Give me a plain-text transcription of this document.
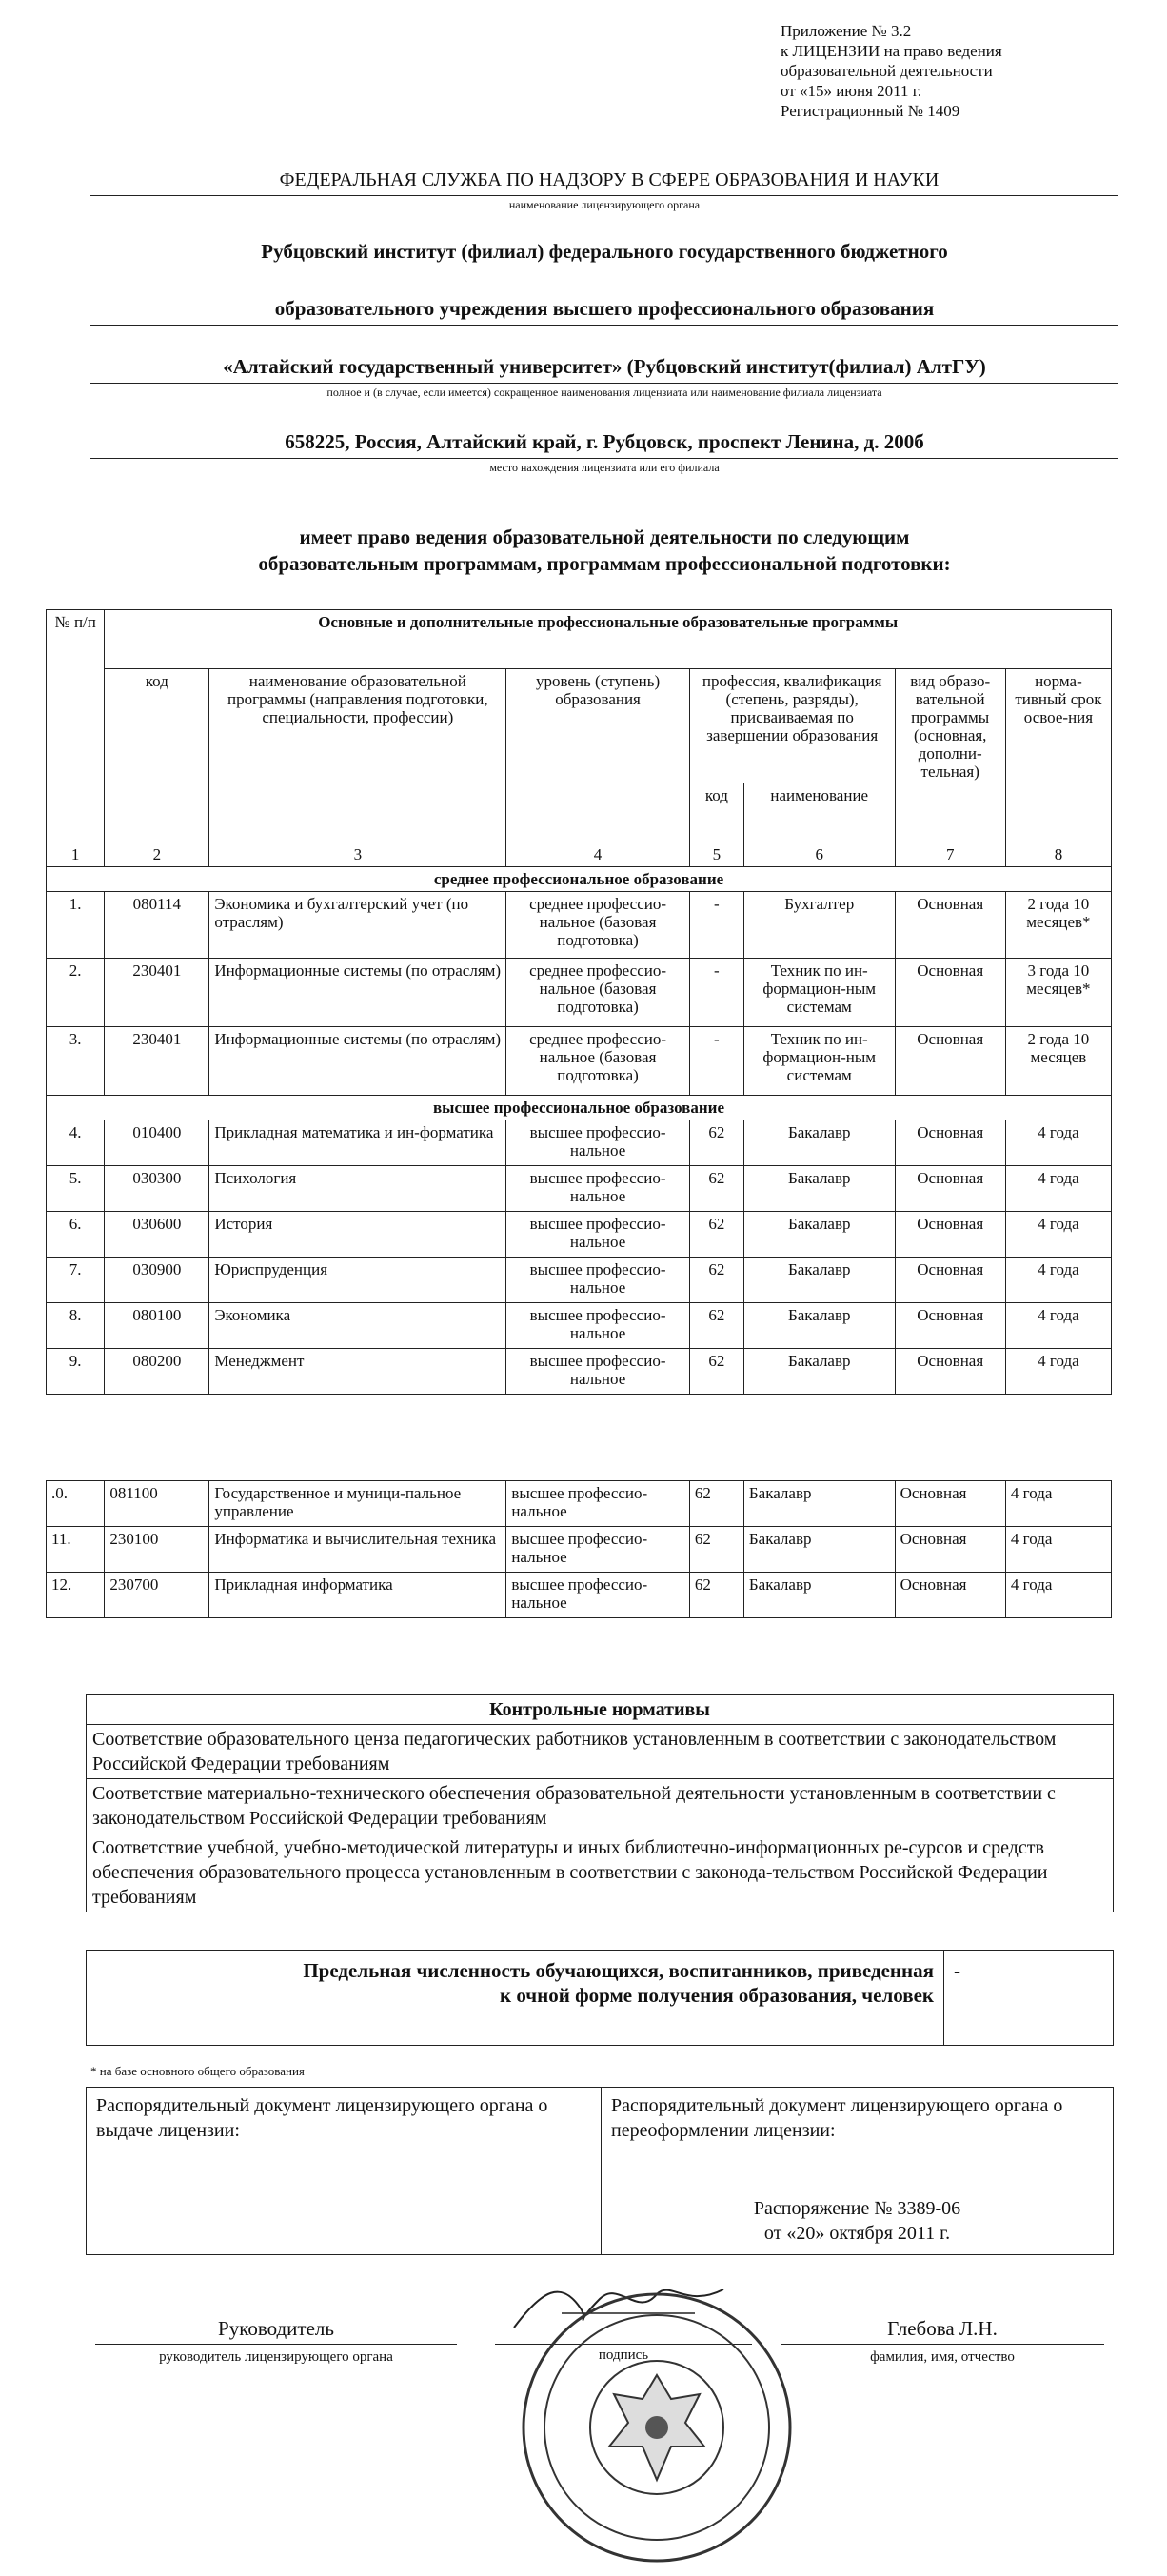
Приложение № 3.2
к ЛИЦЕНЗИИ на право ведения
образовательной деятельности
от «15» июня 2011 г.
Регистрационный № 1409
ФЕДЕРАЛЬНАЯ СЛУЖБА ПО НАДЗОРУ В СФЕРЕ ОБРАЗОВАНИЯ И НАУКИ
наименование лицензирующего органа
Рубцовский институт (филиал) федерального государственного бюджетного
образовательного учреждения высшего профессионального образования
«Алтайский государственный университет» (Рубцовский институт(филиал) АлтГУ)
полное и (в случае, если имеется) сокращенное наименования лицензиата или наименование филиала лицензиата
658225, Россия, Алтайский край, г. Рубцовск, проспект Ленина, д. 200б
место нахождения лицензиата или его филиала
имеет право ведения образовательной деятельности по следующим
образовательным программам, программам профессиональной подготовки:
№ п/п	Основные и дополнительные профессиональные образовательные программы						
	код	наименование образовательной программы (направления подготовки, специальности, профессии)	уровень (ступень) образования	профессия, квалификация (степень, разряды), присваиваемая по завершении образования		вид образо-вательной программы (основная, дополни-тельная)	норма-тивный срок освое-ния
				код	наименование		
1	2	3	4	5	6	7	8
среднее профессиональное образование							
1.	080114	Экономика и бухгалтерский учет (по отраслям)	среднее профессио-нальное (базовая подготовка)	-	Бухгалтер	Основная	2 года 10 месяцев*
2.	230401	Информационные системы (по отраслям)	среднее профессио-нальное (базовая подготовка)	-	Техник по ин-формацион-ным системам	Основная	3 года 10 месяцев*
3.	230401	Информационные системы (по отраслям)	среднее профессио-нальное (базовая подготовка)	-	Техник по ин-формацион-ным системам	Основная	2 года 10 месяцев
высшее профессиональное образование							
4.	010400	Прикладная математика и ин-форматика	высшее профессио-нальное	62	Бакалавр	Основная	4 года
5.	030300	Психология	высшее профессио-нальное	62	Бакалавр	Основная	4 года
6.	030600	История	высшее профессио-нальное	62	Бакалавр	Основная	4 года
7.	030900	Юриспруденция	высшее профессио-нальное	62	Бакалавр	Основная	4 года
8.	080100	Экономика	высшее профессио-нальное	62	Бакалавр	Основная	4 года
9.	080200	Менеджмент	высшее профессио-нальное	62	Бакалавр	Основная	4 года
.0.	081100	Государственное и муници-пальное управление	высшее профессио-нальное	62	Бакалавр	Основная	4 года
11.	230100	Информатика и вычислительная техника	высшее профессио-нальное	62	Бакалавр	Основная	4 года
12.	230700	Прикладная информатика	высшее профессио-нальное	62	Бакалавр	Основная	4 года
Контрольные нормативы
Соответствие образовательного ценза педагогических работников установленным в соответствии с законодательством Российской Федерации требованиям
Соответствие материально-технического обеспечения образовательной деятельности установленным в соответствии с законодательством Российской Федерации требованиям
Соответствие учебной, учебно-методической литературы и иных библиотечно-информационных ре-сурсов и средств обеспечения образовательного процесса установленным в соответствии с законода-тельством Российской Федерации требованиям
Предельная численность обучающихся, воспитанников, приведенная
к очной форме получения образования, человек
	-
* на базе основного общего образования
Распорядительный документ лицензирующего органа о выдаче лицензии:	Распорядительный документ лицензирующего органа о переоформлении лицензии:

	Распоряжение № 3389-06
от «20» октября 2011 г.
Руководитель
руководитель лицензирующего органа	подпись
Глебова Л.Н.
фамилия, имя, отчество
